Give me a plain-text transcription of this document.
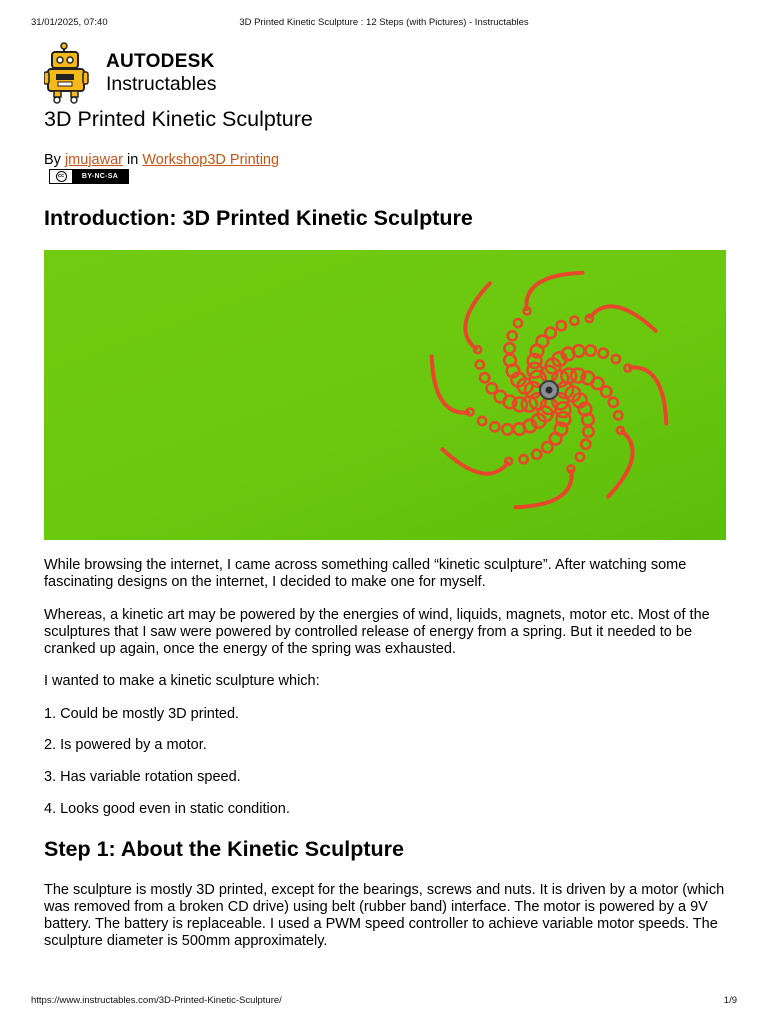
31/01/2025, 07:40	3D Printed Kinetic Sculpture : 12 Steps (with Pictures) - Instructables
AUTODESK
Instructables
3D Printed Kinetic Sculpture
By jmujawar in Workshop3D Printing
cc	BY-NC-SA
Introduction: 3D Printed Kinetic Sculpture

While browsing the internet, I came across something called “kinetic sculpture”. After watching some fascinating designs on the internet, I decided to make one for myself.

Whereas, a kinetic art may be powered by the energies of wind, liquids, magnets, motor etc. Most of the sculptures that I saw were powered by controlled release of energy from a spring. But it needed to be cranked up again, once the energy of the spring was exhausted.

I wanted to make a kinetic sculpture which:

1. Could be mostly 3D printed.

2. Is powered by a motor.

3. Has variable rotation speed.

4. Looks good even in static condition.

Step 1: About the Kinetic Sculpture

The sculpture is mostly 3D printed, except for the bearings, screws and nuts. It is driven by a motor (which was removed from a broken CD drive) using belt (rubber band) interface. The motor is powered by a 9V battery. The battery is replaceable. I used a PWM speed controller to achieve variable motor speeds. The sculpture diameter is 500mm approximately.

https://www.instructables.com/3D-Printed-Kinetic-Sculpture/	1/9
